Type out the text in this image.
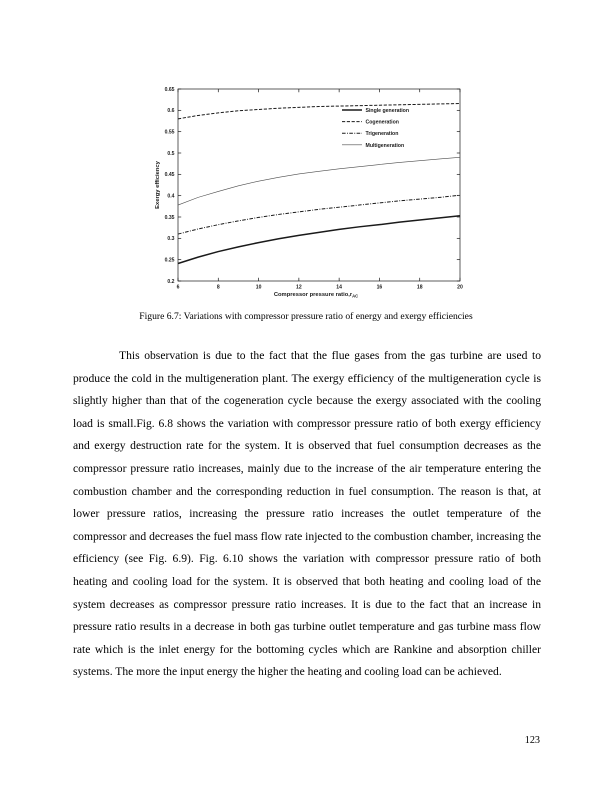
0.2
0.25
0.3
0.35
0.4
0.45
0.5
0.55
0.6
0.65
6	8	10	12	14	16	18	20
Single generation
Cogeneration
Trigeneration
Multigeneration
Exergy efficiency
Compressor pressure $ratio,r_{AC}$
Figure 6.7: Variations with compressor pressure ratio of energy and exergy efficiencies

This observation is due to the fact that the flue gases from the gas turbine are used to produce the cold in the multigeneration plant. The exergy efficiency of the multigeneration cycle is slightly higher than that of the cogeneration cycle because the exergy associated with the cooling load is small.Fig. 6.8 shows the variation with compressor pressure ratio of both exergy efficiency and exergy destruction rate for the system. It is observed that fuel consumption decreases as the compressor pressure ratio increases, mainly due to the increase of the air temperature entering the combustion chamber and the corresponding reduction in fuel consumption. The reason is that, at lower pressure ratios, increasing the pressure ratio increases the outlet temperature of the compressor and decreases the fuel mass flow rate injected to the combustion chamber, increasing the efficiency (see Fig. 6.9). Fig. 6.10 shows the variation with compressor pressure ratio of both heating and cooling load for the system. It is observed that both heating and cooling load of the system decreases as compressor pressure ratio increases. It is due to the fact that an increase in pressure ratio results in a decrease in both gas turbine outlet temperature and gas turbine mass flow rate which is the inlet energy for the bottoming cycles which are Rankine and absorption chiller systems. The more the input energy the higher the heating and cooling load can be achieved.

123
